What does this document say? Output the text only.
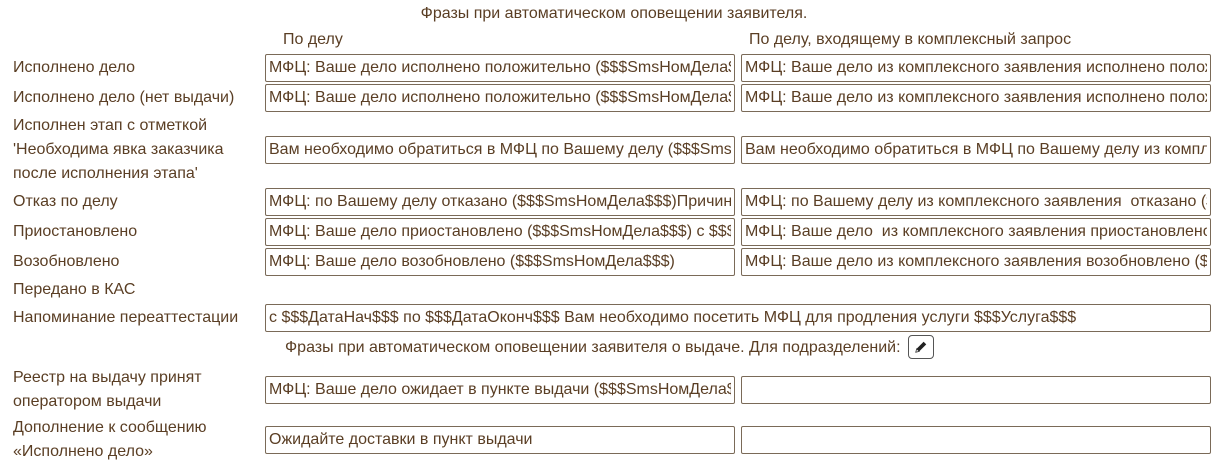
Фразы при автоматическом оповещении заявителя.
По делу	По делу, входящему в комплексный запрос
Исполнено дело
МФЦ: Ваше дело исполнено положительно ($$$SmsНомДела$$$)
МФЦ: Ваше дело из комплексного заявления исполнено положительно
Исполнено дело (нет выдачи)
МФЦ: Ваше дело исполнено положительно ($$$SmsНомДела$$$)
МФЦ: Ваше дело из комплексного заявления исполнено положительно
Исполнен этап с отметкой
'Необходима явка заказчика
после исполнения этапа'
Вам необходимо обратиться в МФЦ по Вашему делу ($$$SmsНомДела$$$)
Вам необходимо обратиться в МФЦ по Вашему делу из комплексного заявления
Отказ по делу
МФЦ: по Вашему делу отказано ($$$SmsНомДела$$$)Причина
МФЦ: по Вашему делу из комплексного заявления отказано ($$$SmsНомДела$$$)
Приостановлено
МФЦ: Ваше дело приостановлено ($$$SmsНомДела$$$) с $$$
МФЦ: Ваше дело из комплексного заявления приостановлено
Возобновлено
МФЦ: Ваше дело возобновлено ($$$SmsНомДела$$$)
МФЦ: Ваше дело из комплексного заявления возобновлено ($$$SmsНомДела$$$)
Передано в КАС
Напоминание переаттестации
с $$$ДатаНач$$$ по $$$ДатаОконч$$$ Вам необходимо посетить МФЦ для продления услуги $$$Услуга$$$
Фразы при автоматическом оповещении заявителя о выдаче. Для подразделений:
Реестр на выдачу принят
оператором выдачи
МФЦ: Ваше дело ожидает в пункте выдачи ($$$SmsНомДела$$$)
Дополнение к сообщению
«Исполнено дело»
Ожидайте доставки в пункт выдачи
